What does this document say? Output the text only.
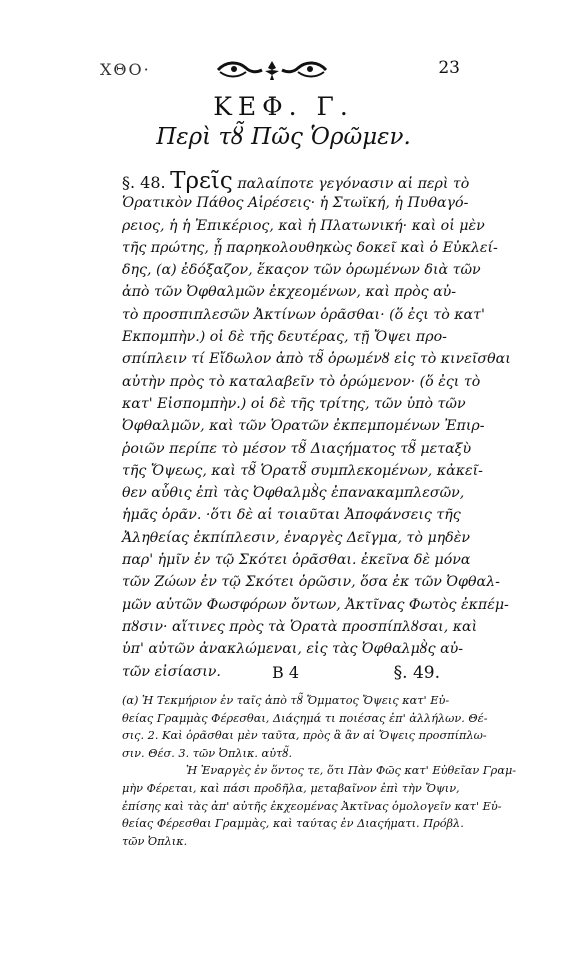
ΧΘΟ·	23
ΚΕΦ. Γ.
Περὶ τȣ̃ Πῶς Ὁρῶμεν.
§. 48. Τρεῖς παλαίποτε γεγόνασιν αἱ περὶ τὸ
Ὁρατικὸν Πάθος Αἱρέσεις· ἡ Στωϊκή, ἡ Πυθαγό-
ρειος, ἡ ἡ Ἐπικέριος, καὶ ἡ Πλατωνική· καὶ οἱ μὲν
τῆς πρώτης, ᾗ παρηκολουθηκὼς δοκεῖ καὶ ὁ Εὐκλεί-
δης, (α) ἐδόξαζον, ἕκαςον τῶν ὁρωμένων διὰ τῶν
ἀπὸ τῶν Ὀφθαλμῶν ἐκχεομένων, καὶ πρὸς αὐ-
τὸ προσπιπλεσῶν Ἀκτίνων ὁρᾶσθαι· (ὅ ἐςι τὸ κατ'
Εκπομπὴν.) οἱ δὲ τῆς δευτέρας, τῇ Ὄψει προ-
σπίπλειν τί Εἴδωλον ἀπὸ τȣ̃ ὁρωμένȣ εἰς τὸ κινεῖσθαι
αὐτὴν πρὸς τὸ καταλαβεῖν τὸ ὁρώμενον· (ὅ ἐςι τὸ
κατ' Εἰσπομπὴν.) οἱ δὲ τῆς τρίτης, τῶν ὑπὸ τῶν
Ὀφθαλμῶν, καὶ τῶν Ὁρατῶν ἐκπεμπομένων Ἐπιρ-
ῥοιῶν περίπε τὸ μέσον τȣ̃ Διαςήματος τȣ̃ μεταξὺ
τῆς Ὄψεως, καὶ τȣ̃ Ὁρατȣ̃ συμπλεκομένων, κἀκεῖ-
θεν αὖθις ἐπὶ τὰς Ὀφθαλμȣ̀ς ἐπανακαμπλεσῶν,
ἡμᾶς ὁρᾶν. ·ὅτι δὲ αἱ τοιαῦται Ἀποφάνσεις τῆς
Ἀληθείας ἐκπίπλεσιν, ἐναργὲς Δεῖγμα, τὸ μηδὲν
παρ' ἡμῖν ἐν τῷ Σκότει ὁρᾶσθαι. ἐκεῖνα δὲ μόνα
τῶν Ζώων ἐν τῷ Σκότει ὁρῶσιν, ὅσα ἐκ τῶν Ὀφθαλ-
μῶν αὐτῶν Φωσφόρων ὄντων, Ἀκτῖνας Φωτὸς ἐκπέμ-
πȣσιν· αἵτινες πρὸς τὰ Ὁρατὰ προσπίπλȣσαι, καὶ
ὑπ' αὐτῶν ἀνακλώμεναι, εἰς τὰς Ὀφθαλμȣ̀ς αὐ-
τῶν εἰσίασιν.	B 4	§. 49.
(α) Ἡ Τεκμήριον ἐν ταῖς ἀπὸ τȣ̃ Ὄμματος Ὄψεις κατ' Εὐ-
θείας Γραμμὰς Φέρεσθαι, Διάςημά τι ποιέσας ἐπ' ἀλλήλων. Θέ-
σις. 2. Καὶ ὁρᾶσθαι μὲν ταῦτα, πρὸς ἃ ἂν αἱ Ὄψεις προσπίπλω-
σιν. Θέσ. 3. τῶν Ὀπλικ. αὐτȣ̃.
Ἡ Ἐναργὲς ἐν ὅντος τε, ὅτι Πὰν Φῶς κατ' Εὐθεῖαν Γραμ-
μὴν Φέρεται, καὶ πάσι προδῆλα, μεταβαῖνον ἐπὶ τὴν Ὄψιν,
ἐπίσης καὶ τὰς ἀπ' αὐτῆς ἐκχεομένας Ἀκτῖνας ὁμολογεῖν κατ' Εὐ-
θείας Φέρεσθαι Γραμμὰς, καὶ ταύτας ἐν Διαςήματι. Πρόβλ.
τῶν Ὀπλικ.
